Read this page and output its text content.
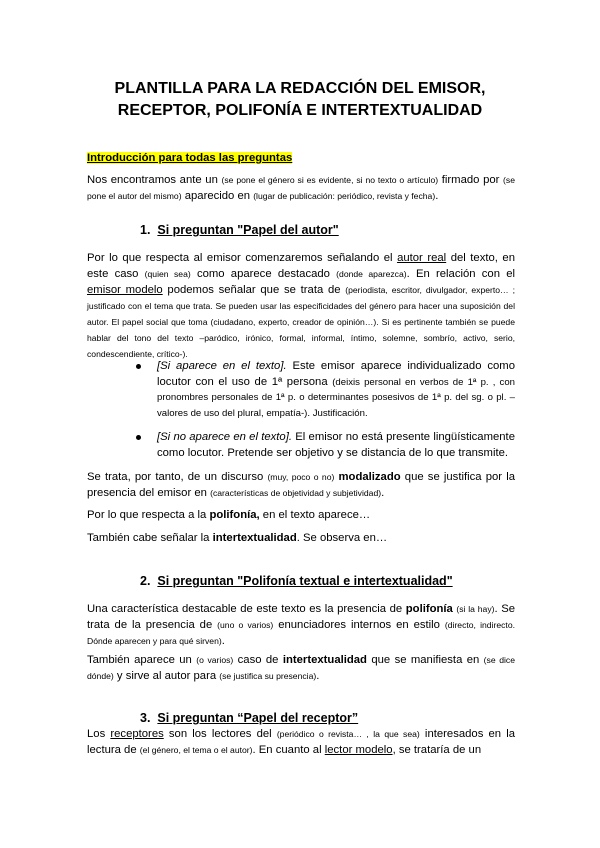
PLANTILLA PARA LA REDACCIÓN DEL EMISOR,
RECEPTOR, POLIFONÍA E INTERTEXTUALIDAD
Introducción para todas las preguntas
Nos encontramos ante un (se pone el género si es evidente, si no texto o artículo) firmado por (se pone el autor del mismo) aparecido en (lugar de publicación: periódico, revista y fecha).
1. Si preguntan "Papel del autor"
Por lo que respecta al emisor comenzaremos señalando el autor real del texto, en este caso (quien sea) como aparece destacado (donde aparezca). En relación con el emisor modelo podemos señalar que se trata de (periodista, escritor, divulgador, experto… ; justificado con el tema que trata. Se pueden usar las especificidades del género para hacer una suposición del autor. El papel social que toma (ciudadano, experto, creador de opinión…). Si es pertinente también se puede hablar del tono del texto –paródico, irónico, formal, informal, íntimo, solemne, sombrío, activo, serio, condescendiente, crítico-).
[Si aparece en el texto]. Este emisor aparece individualizado como locutor con el uso de 1ª persona (deixis personal en verbos de 1ª p. , con pronombres personales de 1ª p. o determinantes posesivos de 1ª p. del sg. o pl. – valores de uso del plural, empatía-). Justificación.
[Si no aparece en el texto]. El emisor no está presente lingüísticamente como locutor. Pretende ser objetivo y se distancia de lo que transmite.
Se trata, por tanto, de un discurso (muy, poco o no) modalizado que se justifica por la presencia del emisor en (características de objetividad y subjetividad).
Por lo que respecta a la polifonía, en el texto aparece…
También cabe señalar la intertextualidad. Se observa en…
2. Si preguntan "Polifonía textual e intertextualidad"
Una característica destacable de este texto es la presencia de polifonía (si la hay). Se trata de la presencia de (uno o varios) enunciadores internos en estilo (directo, indirecto. Dónde aparecen y para qué sirven).
También aparece un (o varios) caso de intertextualidad que se manifiesta en (se dice dónde) y sirve al autor para (se justifica su presencia).
3. Si preguntan “Papel del receptor”
Los receptores son los lectores del (periódico o revista… , la que sea) interesados en la lectura de (el género, el tema o el autor). En cuanto al lector modelo, se trataría de un
